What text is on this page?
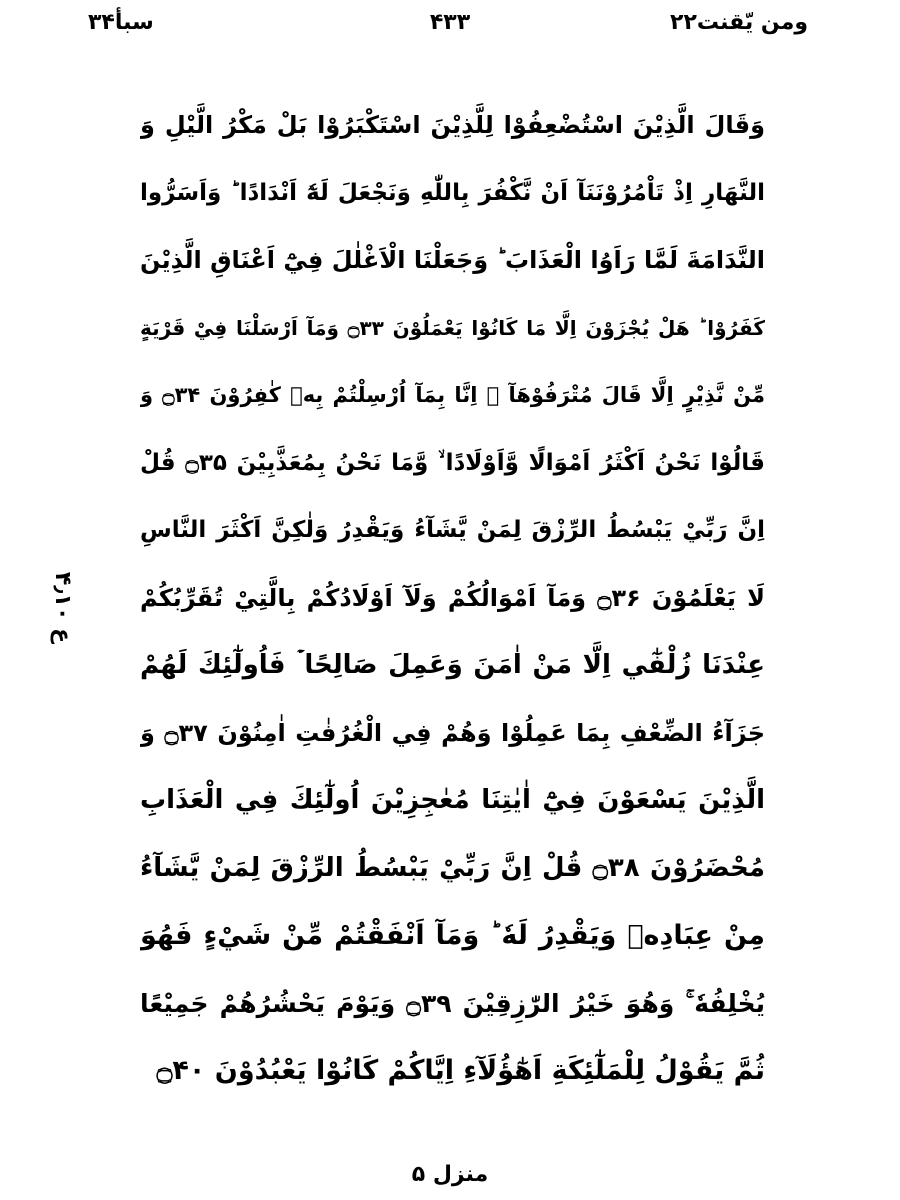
سبأ۳۴	۴۳۳	ومن یّقنت۲۲
وَقَالَ الَّذِيْنَ اسْتُضْعِفُوْا لِلَّذِيْنَ اسْتَكْبَرُوْا بَلْ مَكْرُ الَّيْلِ وَ
النَّهَارِ اِذْ تَاْمُرُوْنَنَآ اَنْ نَّكْفُرَ بِاللّٰهِ وَنَجْعَلَ لَهٗٓ اَنْدَادًا ؕ وَاَسَرُّوا
النَّدَامَةَ لَمَّا رَاَوُا الْعَذَابَ ؕ وَجَعَلْنَا الْاَغْلٰلَ فِيْٓ اَعْنَاقِ الَّذِيْنَ
كَفَرُوْا ؕ هَلْ يُجْزَوْنَ اِلَّا مَا كَانُوْا يَعْمَلُوْنَ ۝۳۳ وَمَآ اَرْسَلْنَا فِيْ قَرْيَةٍ
مِّنْ نَّذِيْرٍ اِلَّا قَالَ مُتْرَفُوْهَآ ۙ اِنَّا بِمَآ اُرْسِلْتُمْ بِهٖ كٰفِرُوْنَ ۝۳۴ وَ
قَالُوْا نَحْنُ اَكْثَرُ اَمْوَالًا وَّاَوْلَادًا ۙ وَّمَا نَحْنُ بِمُعَذَّبِيْنَ ۝۳۵ قُلْ
اِنَّ رَبِّيْ يَبْسُطُ الرِّزْقَ لِمَنْ يَّشَآءُ وَيَقْدِرُ وَلٰكِنَّ اَكْثَرَ النَّاسِ
لَا يَعْلَمُوْنَ ۝۳۶ وَمَآ اَمْوَالُكُمْ وَلَآ اَوْلَادُكُمْ بِالَّتِيْ تُقَرِّبُكُمْ
عِنْدَنَا زُلْفٰٓي اِلَّا مَنْ اٰمَنَ وَعَمِلَ صَالِحًا ۡ فَاُولٰٓئِكَ لَهُمْ
جَزَآءُ الضِّعْفِ بِمَا عَمِلُوْا وَهُمْ فِي الْغُرُفٰتِ اٰمِنُوْنَ ۝۳۷ وَ
الَّذِيْنَ يَسْعَوْنَ فِيْٓ اٰيٰتِنَا مُعٰجِزِيْنَ اُولٰٓئِكَ فِي الْعَذَابِ
مُحْضَرُوْنَ ۝۳۸ قُلْ اِنَّ رَبِّيْ يَبْسُطُ الرِّزْقَ لِمَنْ يَّشَآءُ
مِنْ عِبَادِهٖ وَيَقْدِرُ لَهٗ ؕ وَمَآ اَنْفَقْتُمْ مِّنْ شَيْءٍ فَهُوَ
يُخْلِفُهٗ ۚ وَهُوَ خَيْرُ الرّٰزِقِيْنَ ۝۳۹ وَيَوْمَ يَحْشُرُهُمْ جَمِيْعًا
ثُمَّ يَقُوْلُ لِلْمَلٰٓئِكَةِ اَهٰٓؤُلَآءِ اِيَّاكُمْ كَانُوْا يَعْبُدُوْنَ ۝۴۰
ع ۴٫۱۰
منزل ۵
